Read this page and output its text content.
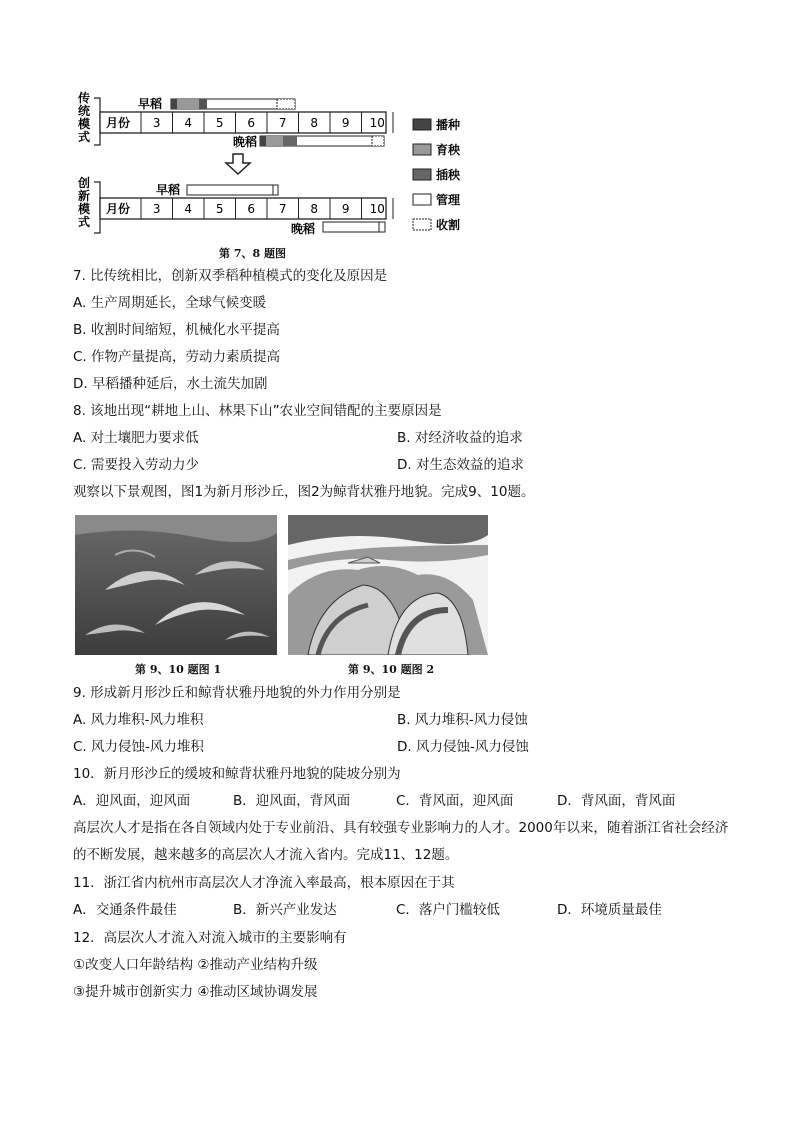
传统模式
创新模式
早稻
晚稻
月份 3 4 5 6 7 8 9 10
早稻
晚稻
月份 3 4 5 6 7 8 9 10
播种
育秧
插秧
管理
收割
第 7、8 题图
7. 比传统相比，创新双季稻种植模式的变化及原因是
A. 生产周期延长，全球气候变暖
B. 收割时间缩短，机械化水平提高
C. 作物产量提高，劳动力素质提高
D. 早稻播种延后，水土流失加剧
8. 该地出现“耕地上山、林果下山”农业空间错配的主要原因是
A. 对土壤肥力要求低	B. 对经济收益的追求
C. 需要投入劳动力少	D. 对生态效益的追求
观察以下景观图，图1为新月形沙丘，图2为鲸背状雅丹地貌。完成9、10题。
第 9、10 题图 1	第 9、10 题图 2
9. 形成新月形沙丘和鲸背状雅丹地貌的外力作用分别是
A. 风力堆积-风力堆积	B. 风力堆积-风力侵蚀
C. 风力侵蚀-风力堆积	D. 风力侵蚀-风力侵蚀
10．新月形沙丘的缓坡和鲸背状雅丹地貌的陡坡分别为
A．迎风面，迎风面	B．迎风面，背风面	C．背风面，迎风面	D．背风面，背风面
高层次人才是指在各自领域内处于专业前沿、具有较强专业影响力的人才。2000年以来，随着浙江省社会经济的不断发展，越来越多的高层次人才流入省内。完成11、12题。
11．浙江省内杭州市高层次人才净流入率最高，根本原因在于其
A．交通条件最佳	B．新兴产业发达	C．落户门槛较低	D．环境质量最佳
12．高层次人才流入对流入城市的主要影响有
①改变人口年龄结构 ②推动产业结构升级
③提升城市创新实力 ④推动区域协调发展
